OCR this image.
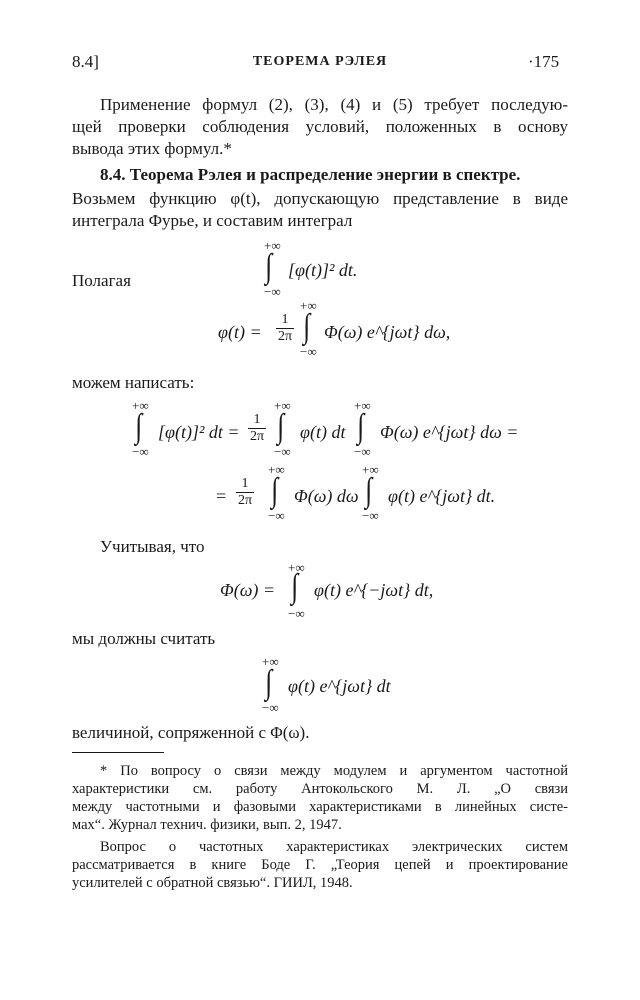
8.4]	ТЕОРЕМА РЭЛЕЯ	·175
Применение формул (2), (3), (4) и (5) требует последую-
щей проверки соблюдения условий, положенных в основу
вывода этих формул.*
8.4. Теорема Рэлея и распределение энергии в спектре.
Возьмем функцию φ(t), допускающую представление в виде
интеграла Фурье, и составим интеграл
+∞
∫ [φ(t)]² dt.
−∞
Полагая
$\varphi(t) = \frac{1}{2\pi}$
+∞
∫
−∞
Φ(ω) e^{jωt} dω,
можем написать:
+∞
∫
−∞
[φ(t)]² dt = $\frac{1}{2\pi}$
+∞
∫
−∞
φ(t) dt
+∞
∫
−∞
Φ(ω) e^{jωt} dω =
= $\frac{1}{2\pi}$
+∞
∫
−∞
Φ(ω) dω
+∞
∫
−∞
φ(t) e^{jωt} dt.
Учитывая, что
Φ(ω) =
+∞
∫
−∞
φ(t) e^{−jωt} dt,
мы должны считать
+∞
∫
−∞
φ(t) e^{jωt} dt
величиной, сопряженной с Φ(ω).
* По вопросу о связи между модулем и аргументом частотной
характеристики см. работу Антокольского М. Л. „О связи
между частотными и фазовыми характеристиками в линейных систе-
мах“. Журнал технич. физики, вып. 2, 1947.
Вопрос о частотных характеристиках электрических систем
рассматривается в книге Боде Г. „Теория цепей и проектирование
усилителей с обратной связью“. ГИИЛ, 1948.
